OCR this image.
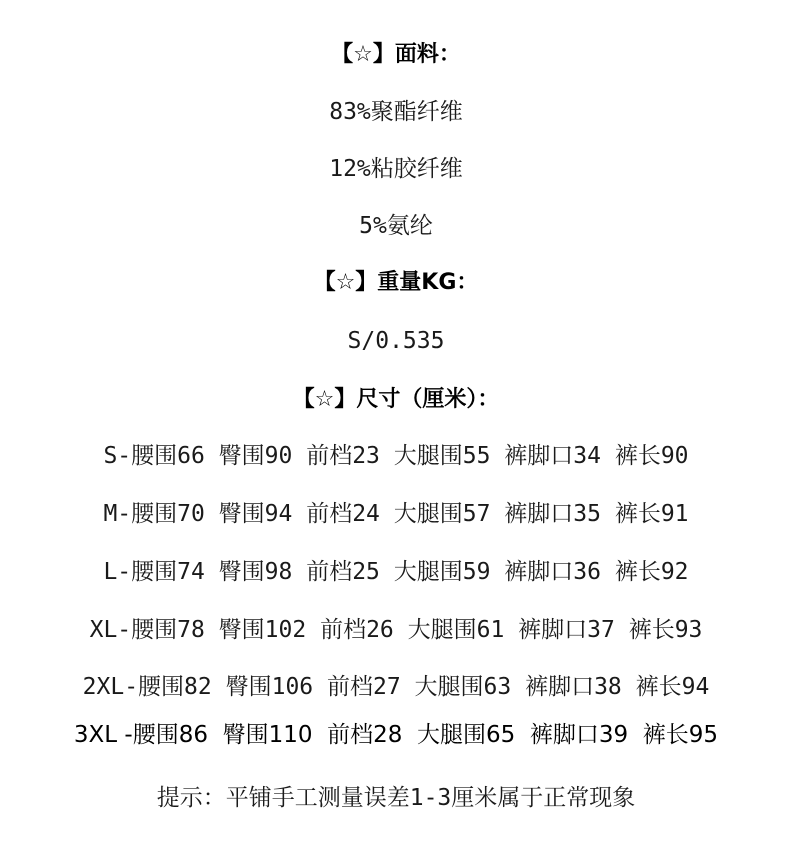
【☆】面料：
83%聚酯纤维
12%粘胶纤维
5%氨纶
【☆】重量KG：
S/0.535
【☆】尺寸（厘米）：
S-腰围66 臀围90 前档23 大腿围55 裤脚口34 裤长90
M-腰围70 臀围94 前档24 大腿围57 裤脚口35 裤长91
L-腰围74 臀围98 前档25 大腿围59 裤脚口36 裤长92
XL-腰围78 臀围102 前档26 大腿围61 裤脚口37 裤长93
2XL-腰围82 臀围106 前档27 大腿围63 裤脚口38 裤长94
3XL -腰围86  臀围110  前档28  大腿围65  裤脚口39  裤长95
提示：平铺手工测量误差1-3厘米属于正常现象
